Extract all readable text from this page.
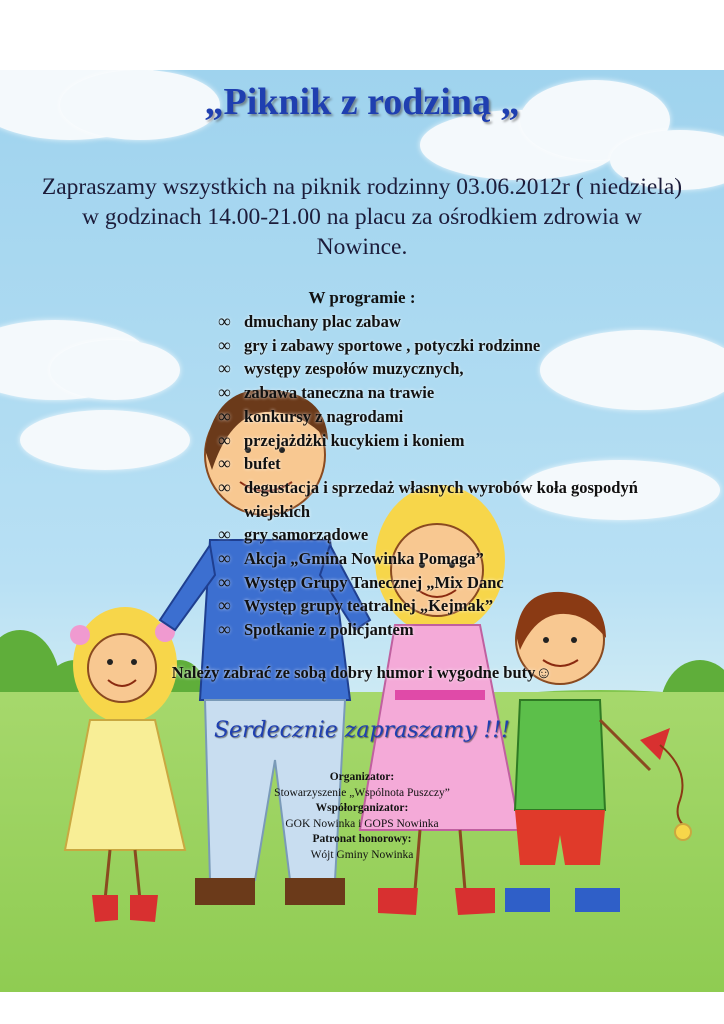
„Piknik z rodziną „
Zapraszamy wszystkich na piknik rodzinny 03.06.2012r ( niedziela) w godzinach 14.00-21.00 na placu za ośrodkiem zdrowia w Nowince.
W programie :
∞ dmuchany plac zabaw
∞ gry i zabawy sportowe , potyczki rodzinne
∞ występy zespołów muzycznych,
∞ zabawa taneczna na trawie
∞ konkursy z nagrodami
∞ przejażdżki kucykiem i koniem
∞ bufet
∞ degustacja i sprzedaż własnych wyrobów koła gospodyń wiejskich
∞ gry samorządowe
∞ Akcja „Gmina Nowinka Pomaga”
∞ Występ Grupy Tanecznej „Mix Danc
∞ Występ grupy teatralnej „Kejmak”
∞ Spotkanie z policjantem
Należy zabrać ze sobą dobry humor i wygodne buty☺
Serdecznie zapraszamy !!!
Organizator:
Stowarzyszenie „Wspólnota Puszczy”
Współorganizator:
GOK Nowinka i GOPS Nowinka
Patronat honorowy:
Wójt Gminy Nowinka
